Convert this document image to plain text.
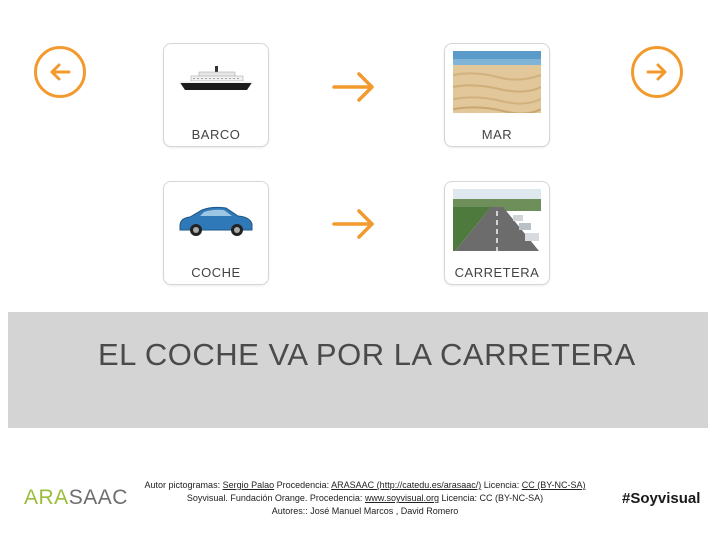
BARCO	MAR
COCHE	CARRETERA
EL COCHE VA POR LA CARRETERA
ARASAAC
Autor pictogramas: Sergio Palao Procedencia: ARASAAC (http://catedu.es/arasaac/) Licencia: CC (BY-NC-SA)
Soyvisual. Fundación Orange. Procedencia: www.soyvisual.org Licencia: CC (BY-NC-SA)
Autores:: José Manuel Marcos , David Romero
#Soyvisual
